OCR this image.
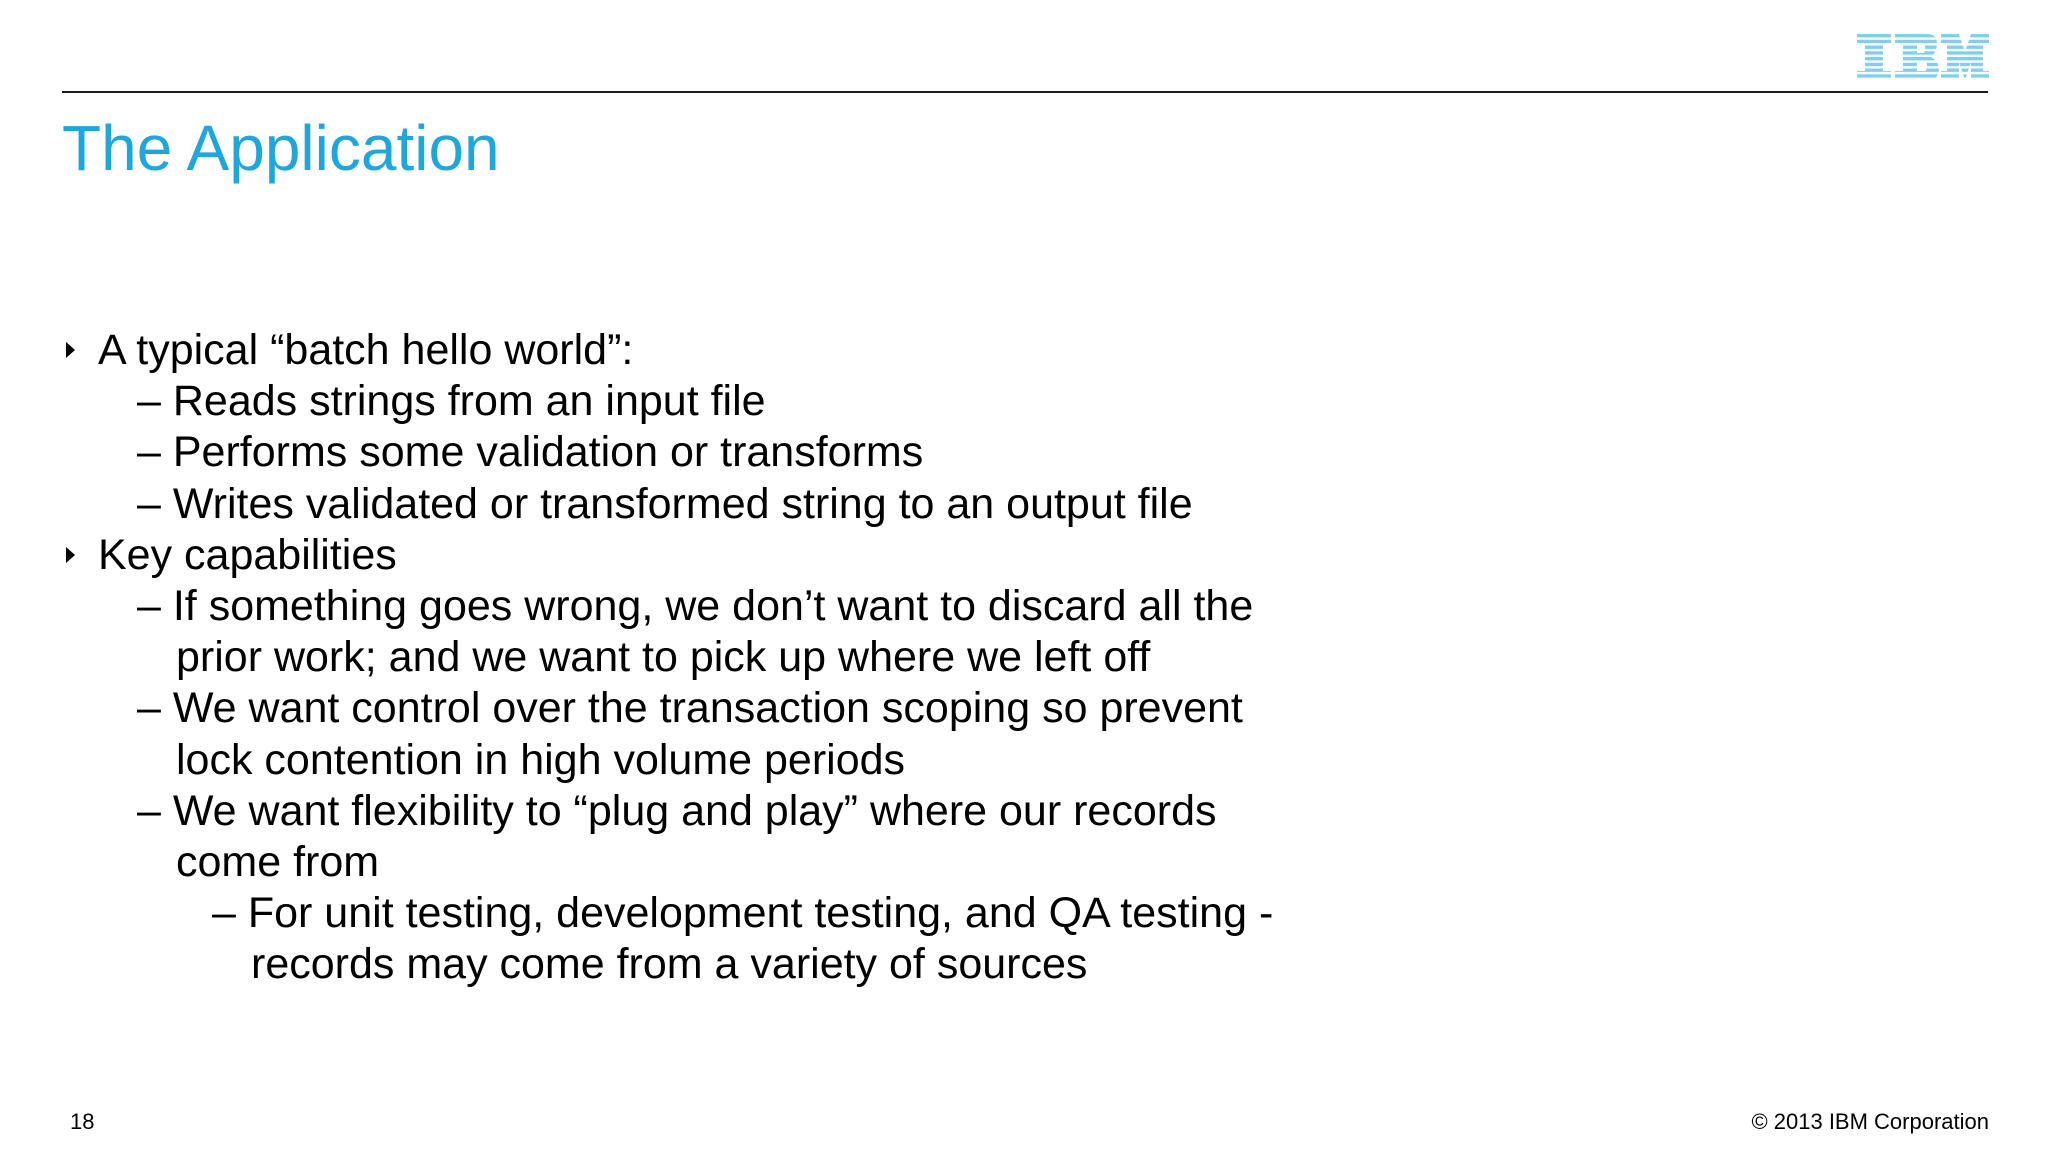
The Application
A typical “batch hello world”:
– Reads strings from an input file
– Performs some validation or transforms
– Writes validated or transformed string to an output file
Key capabilities
– If something goes wrong, we don’t want to discard all the
prior work; and we want to pick up where we left off
– We want control over the transaction scoping so prevent
lock contention in high volume periods
– We want flexibility to “plug and play” where our records
come from
– For unit testing, development testing, and QA testing -
records may come from a variety of sources
18	© 2013 IBM Corporation
